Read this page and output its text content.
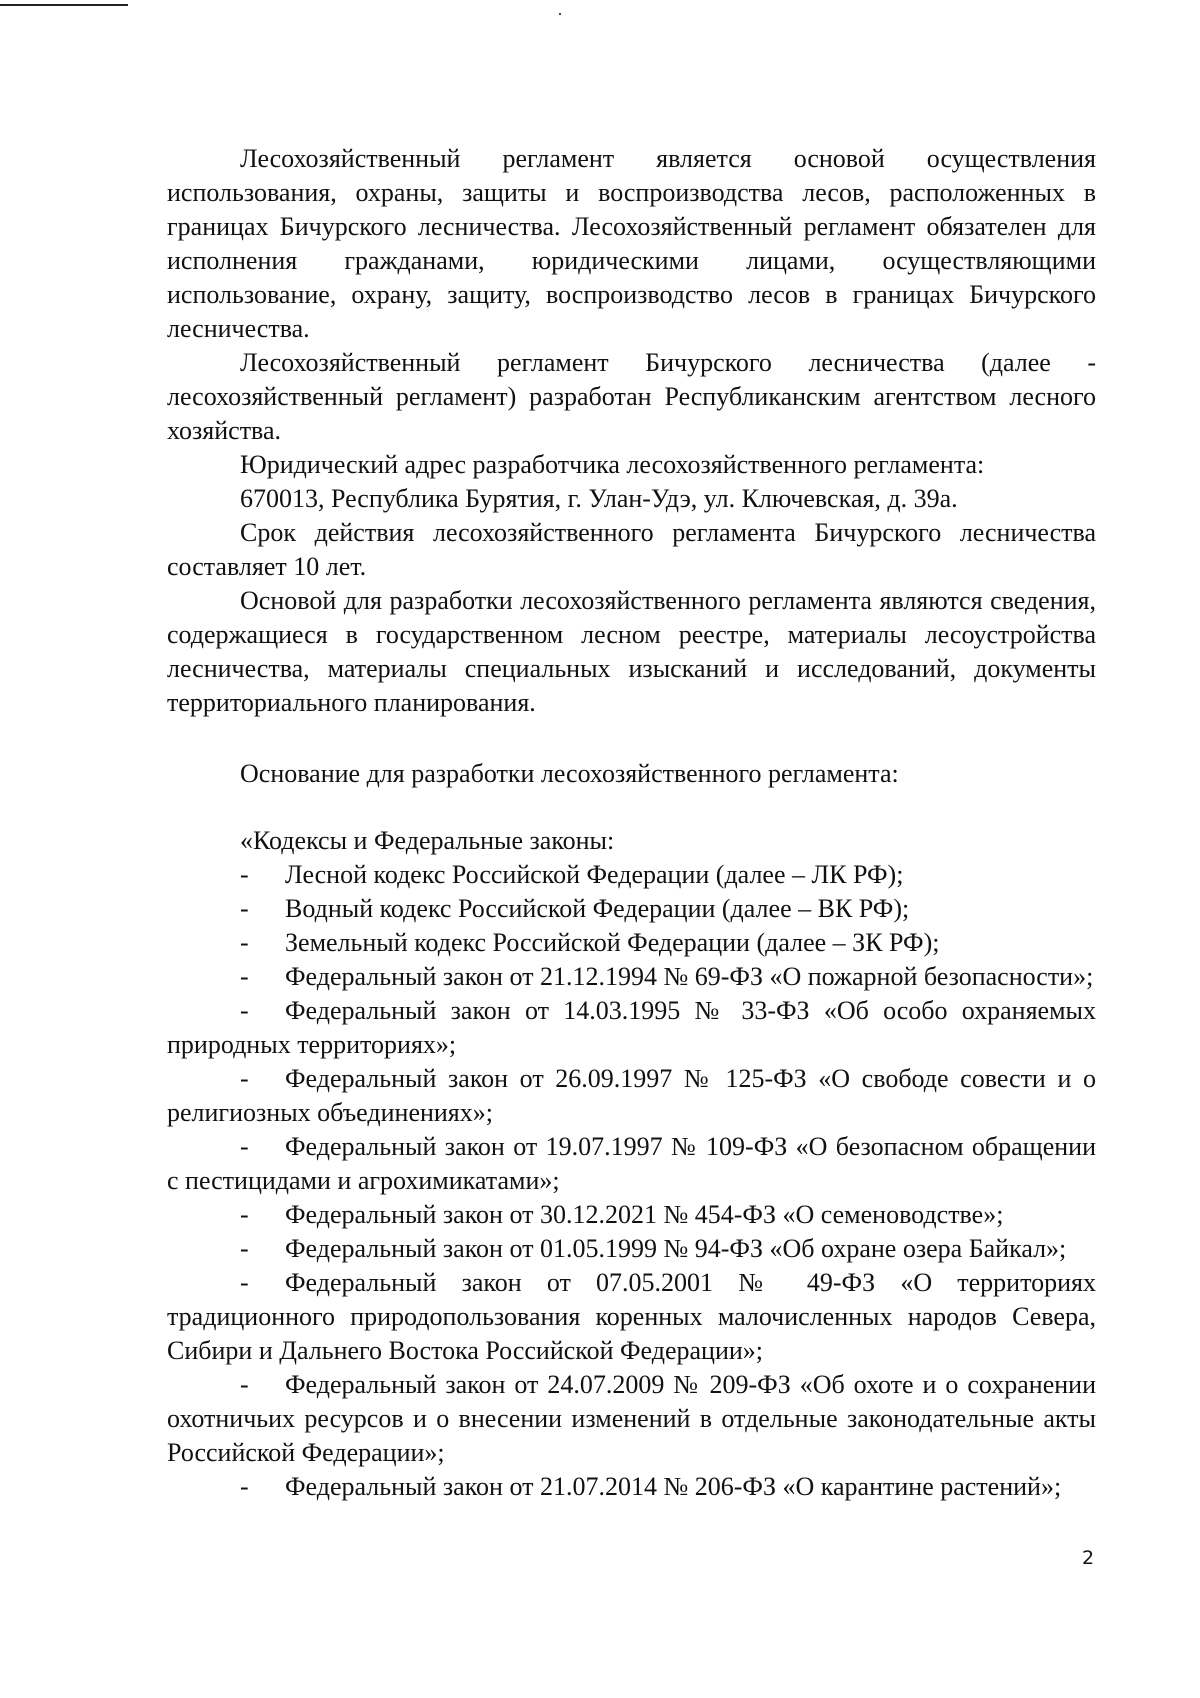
Лесохозяйственный регламент является основой осуществления использования, охраны, защиты и воспроизводства лесов, расположенных в границах Бичурского лесничества. Лесохозяйственный регламент обязателен для исполнения гражданами, юридическими лицами, осуществляющими использование, охрану, защиту, воспроизводство лесов в границах Бичурского лесничества.

Лесохозяйственный регламент Бичурского лесничества (далее - лесохозяйственный регламент) разработан Республиканским агентством лесного хозяйства.

Юридический адрес разработчика лесохозяйственного регламента:

670013, Республика Бурятия, г. Улан-Удэ, ул. Ключевская, д. 39а.

Срок действия лесохозяйственного регламента Бичурского лесничества составляет 10 лет.

Основой для разработки лесохозяйственного регламента являются сведения, содержащиеся в государственном лесном реестре, материалы лесоустройства лесничества, материалы специальных изысканий и исследований, документы территориального планирования.

Основание для разработки лесохозяйственного регламента:

«Кодексы и Федеральные законы:

- Лесной кодекс Российской Федерации (далее – ЛК РФ);

- Водный кодекс Российской Федерации (далее – ВК РФ);

- Земельный кодекс Российской Федерации (далее – ЗК РФ);

- Федеральный закон от 21.12.1994 № 69-ФЗ «О пожарной безопасности»;

- Федеральный закон от 14.03.1995 № 33-ФЗ «Об особо охраняемых природных территориях»;

- Федеральный закон от 26.09.1997 № 125-ФЗ «О свободе совести и о религиозных объединениях»;

- Федеральный закон от 19.07.1997 № 109-ФЗ «О безопасном обращении с пестицидами и агрохимикатами»;

- Федеральный закон от 30.12.2021 № 454-ФЗ «О семеноводстве»;

- Федеральный закон от 01.05.1999 № 94-ФЗ «Об охране озера Байкал»;

- Федеральный закон от 07.05.2001 № 49-ФЗ «О территориях традиционного природопользования коренных малочисленных народов Севера, Сибири и Дальнего Востока Российской Федерации»;

- Федеральный закон от 24.07.2009 № 209-ФЗ «Об охоте и о сохранении охотничьих ресурсов и о внесении изменений в отдельные законодательные акты Российской Федерации»;

- Федеральный закон от 21.07.2014 № 206-ФЗ «О карантине растений»;

2
